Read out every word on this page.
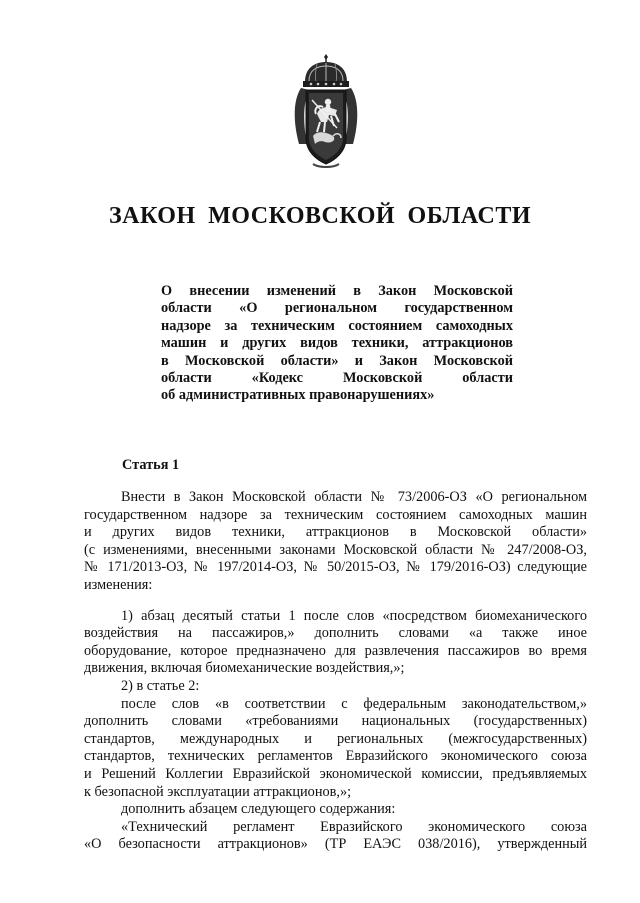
ЗАКОН МОСКОВСКОЙ ОБЛАСТИ
О внесении изменений в Закон Московской
области «О региональном государственном
надзоре за техническим состоянием самоходных
машин и других видов техники, аттракционов
в Московской области» и Закон Московской
области «Кодекс Московской области
об административных правонарушениях»
Статья 1
Внести в Закон Московской области № 73/2006-ОЗ «О региональном
государственном надзоре за техническим состоянием самоходных машин
и других видов техники, аттракционов в Московской области»
(с изменениями, внесенными законами Московской области № 247/2008-ОЗ,
№ 171/2013-ОЗ, № 197/2014-ОЗ, № 50/2015-ОЗ, № 179/2016-ОЗ) следующие
изменения:
1) абзац десятый статьи 1 после слов «посредством биомеханического
воздействия на пассажиров,» дополнить словами «а также иное
оборудование, которое предназначено для развлечения пассажиров во время
движения, включая биомеханические воздействия,»;
2) в статье 2:
после слов «в соответствии с федеральным законодательством,»
дополнить словами «требованиями национальных (государственных)
стандартов, международных и региональных (межгосударственных)
стандартов, технических регламентов Евразийского экономического союза
и Решений Коллегии Евразийской экономической комиссии, предъявляемых
к безопасной эксплуатации аттракционов,»;
дополнить абзацем следующего содержания:
«Технический регламент Евразийского экономического союза
«О безопасности аттракционов» (ТР ЕАЭС 038/2016), утвержденный
